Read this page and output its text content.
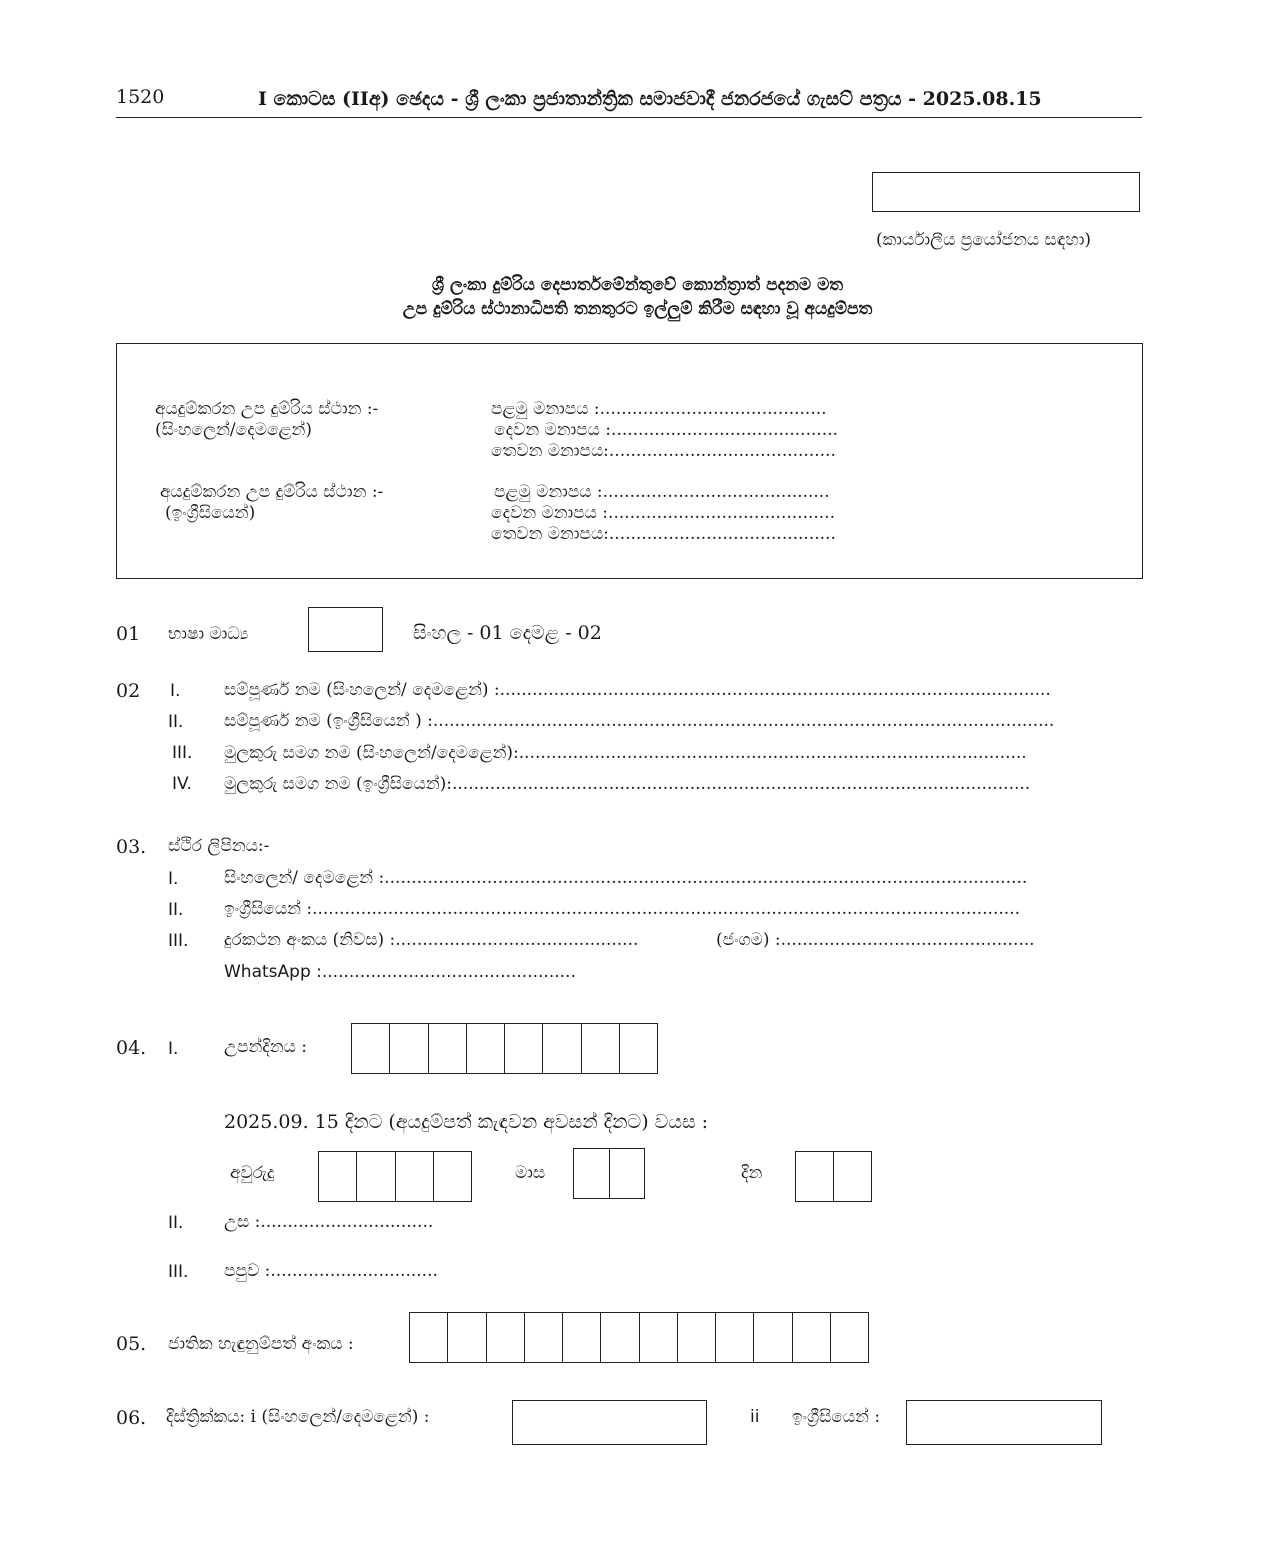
1520	I කොටස (IIඅ) ඡෙදය - ශ්‍රී ලංකා ප්‍රජාතාන්ත්‍රික සමාජවාදී ජනරජයේ ගැසට් පත්‍රය - 2025.08.15
(කාර්යාලීය ප්‍රයෝජනය සඳහා)
ශ්‍රී ලංකා දුම්රිය දෙපාර්තමේන්තුවේ කොන්ත්‍රාත් පදනම මත
උප දුම්රිය ස්ථානාධිපති තනතුරට ඉල්ලුම් කිරීම සඳහා වූ අයදුම්පත
අයදුම්කරන උප දුම්රිය ස්ථාන :-
(සිංහලෙන්/දෙමළෙන්)
පළමු මනාපය :..........................................
දෙවන මනාපය :..........................................
තෙවන මනාපය:..........................................
අයදුම්කරන උප දුම්රිය ස්ථාන :-
(ඉංග්‍රීසියෙන්)
පළමු මනාපය :..........................................
දෙවන මනාපය :..........................................
තෙවන මනාපය:..........................................
01 භාෂා මාධ්‍ය	සිංහල - 01 දෙමළ - 02
02 I.	සම්පූර්ණ නම (සිංහලෙන්/ දෙමළෙන්) :......................................................................................................
II. සම්පූර්ණ නම (ඉංග්‍රීසියෙන් ) :...................................................................................................................
III. මුලකුරු සමග නම (සිංහලෙන්/දෙමළෙන්):..............................................................................................
IV. මුලකුරු සමග නම (ඉංග්‍රීසියෙන්):...........................................................................................................
03. ස්ථිර ලිපිනය:-
I.	සිංහලෙන්/ දෙමළෙන් :.......................................................................................................................
II. ඉංග්‍රීසියෙන් :...................................................................................................................................
III. දුරකථන අංකය (නිවස) :.............................................	(ජංගම) :...............................................
WhatsApp :...............................................
04. I.	උපන්දිනය :
2025.09. 15 දිනට (අයදුම්පත් කැඳවන අවසන් දිනට) වයස :
අවුරුදු	මාස	දින
II. උස :................................
III. පපුව :...............................
05. ජාතික හැඳුනුම්පත් අංකය :
06. දිස්ත්‍රික්කය: i (සිංහලෙන්/දෙමළෙන්) :	ii ඉංග්‍රීසියෙන් :
